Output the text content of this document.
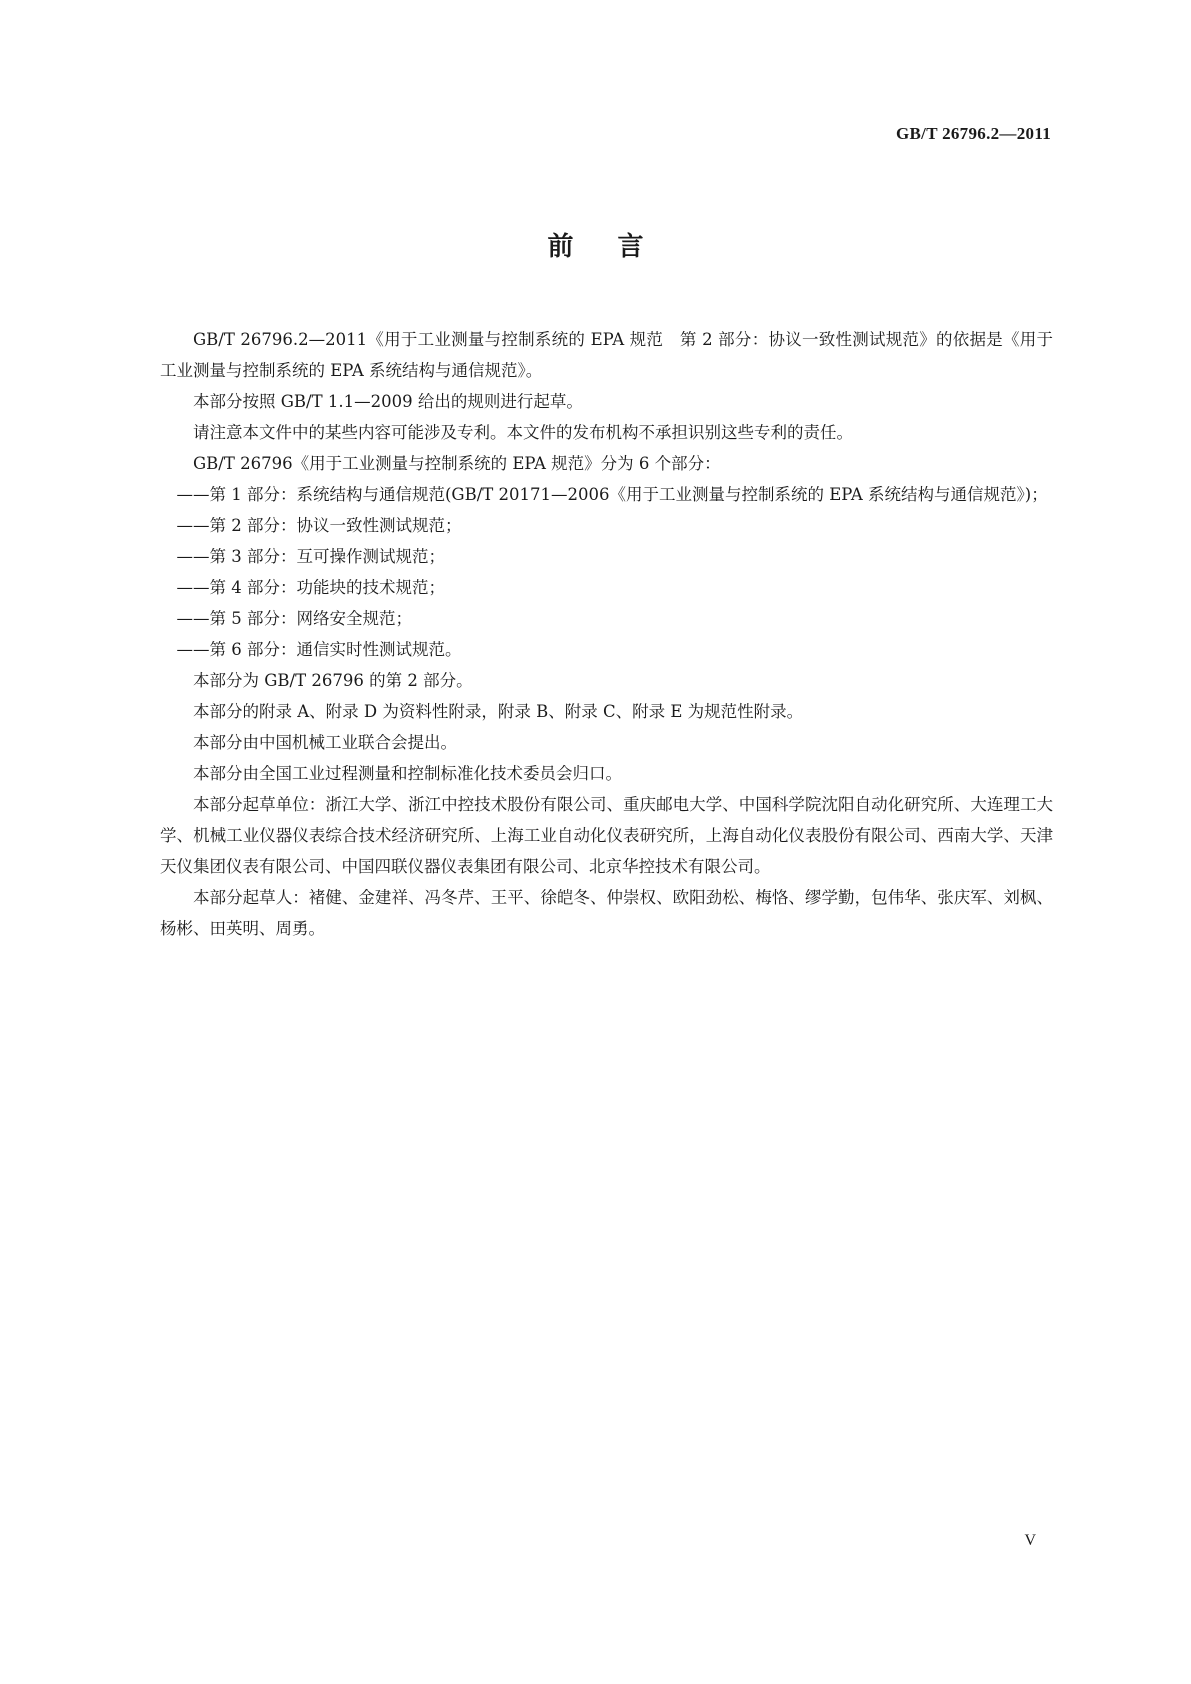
GB/T 26796.2—2011
前言

GB/T 26796.2—2011《用于工业测量与控制系统的 EPA 规范　第 2 部分：协议一致性测试规范》的依据是《用于工业测量与控制系统的 EPA 系统结构与通信规范》。

本部分按照 GB/T 1.1—2009 给出的规则进行起草。

请注意本文件中的某些内容可能涉及专利。本文件的发布机构不承担识别这些专利的责任。

GB/T 26796《用于工业测量与控制系统的 EPA 规范》分为 6 个部分：

——第 1 部分：系统结构与通信规范(GB/T 20171—2006《用于工业测量与控制系统的 EPA 系统结构与通信规范》)；

——第 2 部分：协议一致性测试规范；

——第 3 部分：互可操作测试规范；

——第 4 部分：功能块的技术规范；

——第 5 部分：网络安全规范；

——第 6 部分：通信实时性测试规范。

本部分为 GB/T 26796 的第 2 部分。

本部分的附录 A、附录 D 为资料性附录，附录 B、附录 C、附录 E 为规范性附录。

本部分由中国机械工业联合会提出。

本部分由全国工业过程测量和控制标准化技术委员会归口。

本部分起草单位：浙江大学、浙江中控技术股份有限公司、重庆邮电大学、中国科学院沈阳自动化研究所、大连理工大学、机械工业仪器仪表综合技术经济研究所、上海工业自动化仪表研究所，上海自动化仪表股份有限公司、西南大学、天津天仪集团仪表有限公司、中国四联仪器仪表集团有限公司、北京华控技术有限公司。

本部分起草人：褚健、金建祥、冯冬芹、王平、徐皑冬、仲崇权、欧阳劲松、梅恪、缪学勤，包伟华、张庆军、刘枫、杨彬、田英明、周勇。

V
